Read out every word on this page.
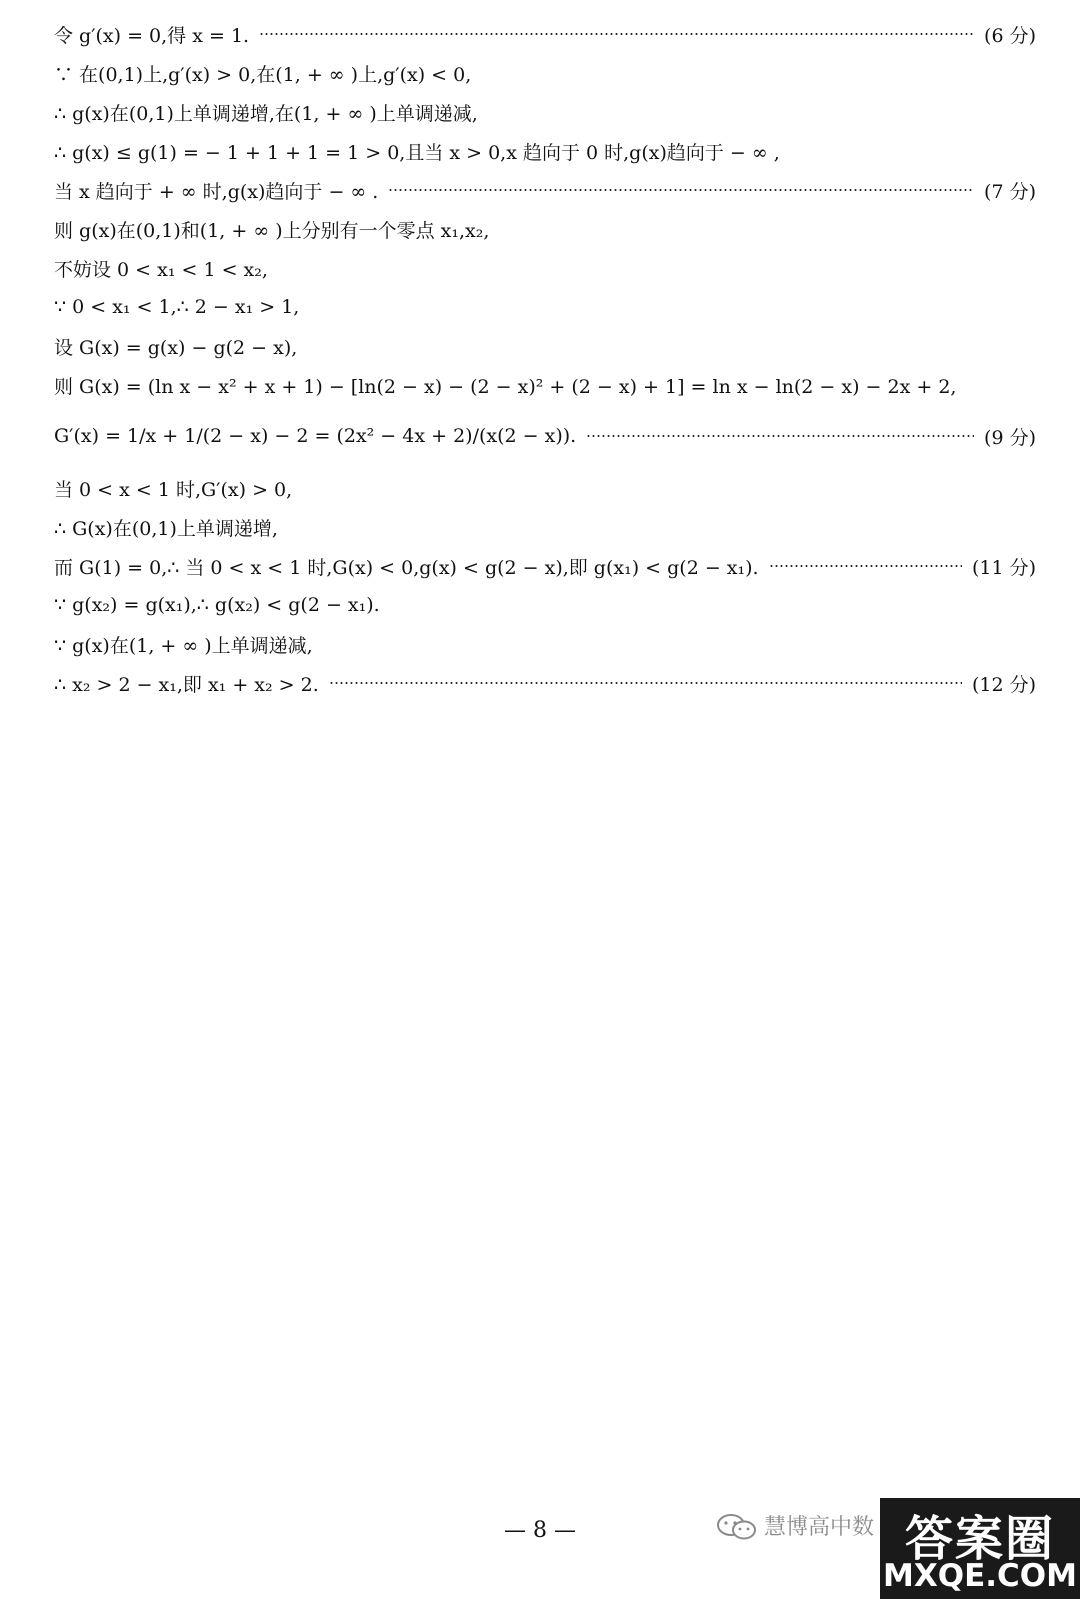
令 g′(x) = 0,得 x = 1.	(6 分)
∵ 在(0,1)上,g′(x) > 0,在(1, + ∞ )上,g′(x) < 0,
∴ g(x)在(0,1)上单调递增,在(1, + ∞ )上单调递减,
∴ g(x) ≤ g(1) = − 1 + 1 + 1 = 1 > 0,且当 x > 0,x 趋向于 0 时,g(x)趋向于 − ∞ ,
当 x 趋向于 + ∞ 时,g(x)趋向于 − ∞ .	(7 分)
则 g(x)在(0,1)和(1, + ∞ )上分别有一个零点 x₁,x₂,
不妨设 0 < x₁ < 1 < x₂,
∵ 0 < x₁ < 1,∴ 2 − x₁ > 1,
设 G(x) = g(x) − g(2 − x),
则 G(x) = (ln x − x² + x + 1) − [ln(2 − x) − (2 − x)² + (2 − x) + 1] = ln x − ln(2 − x) − 2x + 2,
G′(x) = 1/x + 1/(2 − x) − 2 = (2x² − 4x + 2)/(x(2 − x)).	(9 分)
当 0 < x < 1 时,G′(x) > 0,
∴ G(x)在(0,1)上单调递增,
而 G(1) = 0,∴ 当 0 < x < 1 时,G(x) < 0,g(x) < g(2 − x),即 g(x₁) < g(2 − x₁).	(11 分)
∵ g(x₂) = g(x₁),∴ g(x₂) < g(2 − x₁).
∵ g(x)在(1, + ∞ )上单调递减,
∴ x₂ > 2 − x₁,即 x₁ + x₂ > 2.	(12 分)
— 8 —	慧博高中数 答案圈
MXQE.COM
